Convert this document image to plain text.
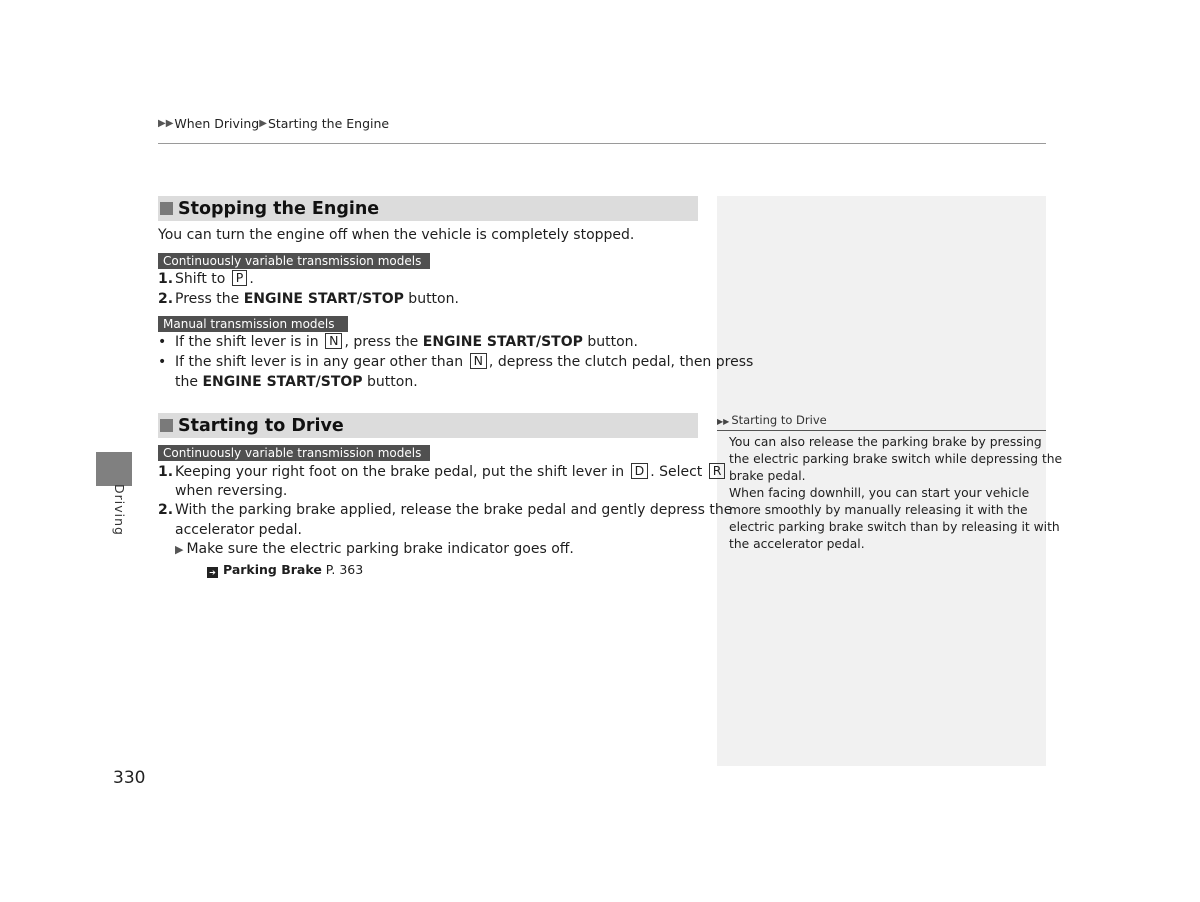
▶▶ When Driving ▶ Starting the Engine
Stopping the Engine
You can turn the engine off when the vehicle is completely stopped.
Continuously variable transmission models
1. Shift to P .
2. Press the ENGINE START/STOP button.
Manual transmission models
• If the shift lever is in N , press the ENGINE START/STOP button.
• If the shift lever is in any gear other than N , depress the clutch pedal, then press
the ENGINE START/STOP button.
Starting to Drive
Continuously variable transmission models
1. Keeping your right foot on the brake pedal, put the shift lever in D . Select R
when reversing.
2. With the parking brake applied, release the brake pedal and gently depress the
accelerator pedal.
▶ Make sure the electric parking brake indicator goes off.
➔ Parking Brake P. 363
▶▶ Starting to Drive
You can also release the parking brake by pressing
the electric parking brake switch while depressing the
brake pedal.
When facing downhill, you can start your vehicle
more smoothly by manually releasing it with the
electric parking brake switch than by releasing it with
the accelerator pedal.
Driving
330
